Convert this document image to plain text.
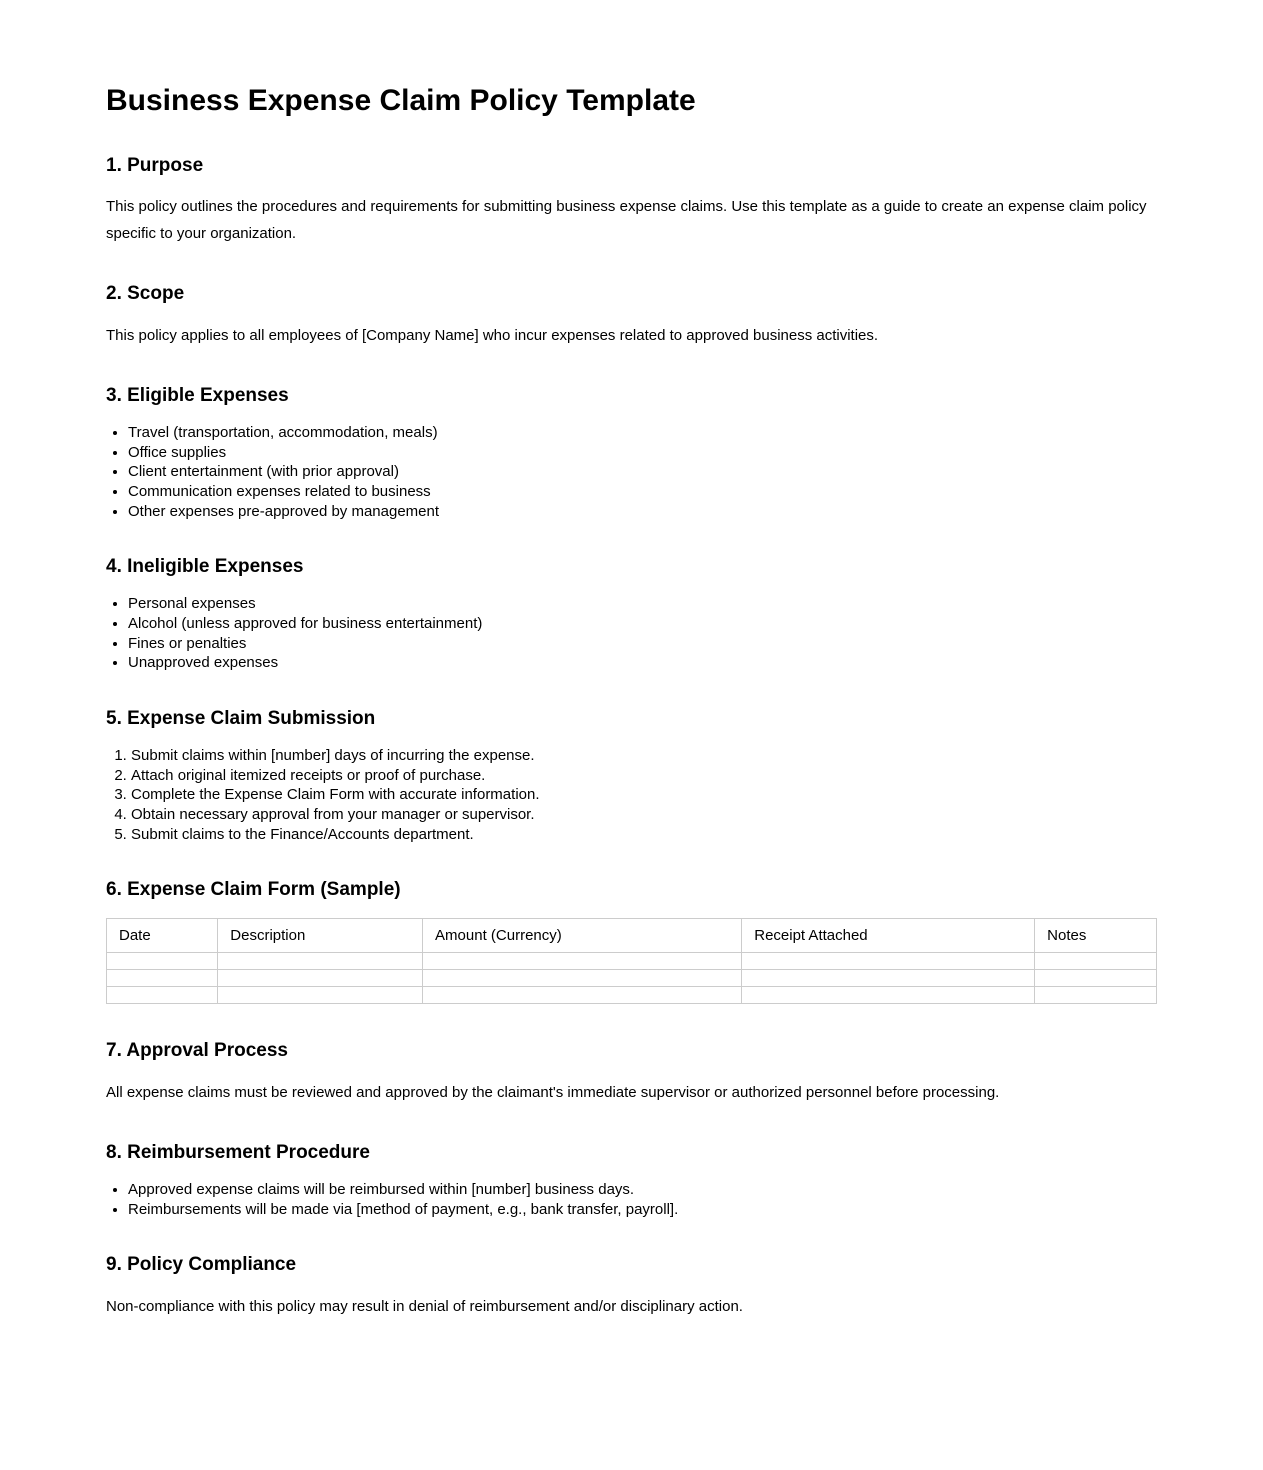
Business Expense Claim Policy Template
1. Purpose

This policy outlines the procedures and requirements for submitting business expense claims. Use this template as a guide to create an expense claim policy specific to your organization.

2. Scope

This policy applies to all employees of [Company Name] who incur expenses related to approved business activities.

3. Eligible Expenses
• Travel (transportation, accommodation, meals)
• Office supplies
• Client entertainment (with prior approval)
• Communication expenses related to business
• Other expenses pre-approved by management
4. Ineligible Expenses
• Personal expenses
• Alcohol (unless approved for business entertainment)
• Fines or penalties
• Unapproved expenses
5. Expense Claim Submission
1. Submit claims within [number] days of incurring the expense.
2. Attach original itemized receipts or proof of purchase.
3. Complete the Expense Claim Form with accurate information.
4. Obtain necessary approval from your manager or supervisor.
5. Submit claims to the Finance/Accounts department.
6. Expense Claim Form (Sample)
Date	Description	Amount (Currency)	Receipt Attached	Notes

7. Approval Process

All expense claims must be reviewed and approved by the claimant's immediate supervisor or authorized personnel before processing.

8. Reimbursement Procedure
• Approved expense claims will be reimbursed within [number] business days.
• Reimbursements will be made via [method of payment, e.g., bank transfer, payroll].
9. Policy Compliance

Non-compliance with this policy may result in denial of reimbursement and/or disciplinary action.
